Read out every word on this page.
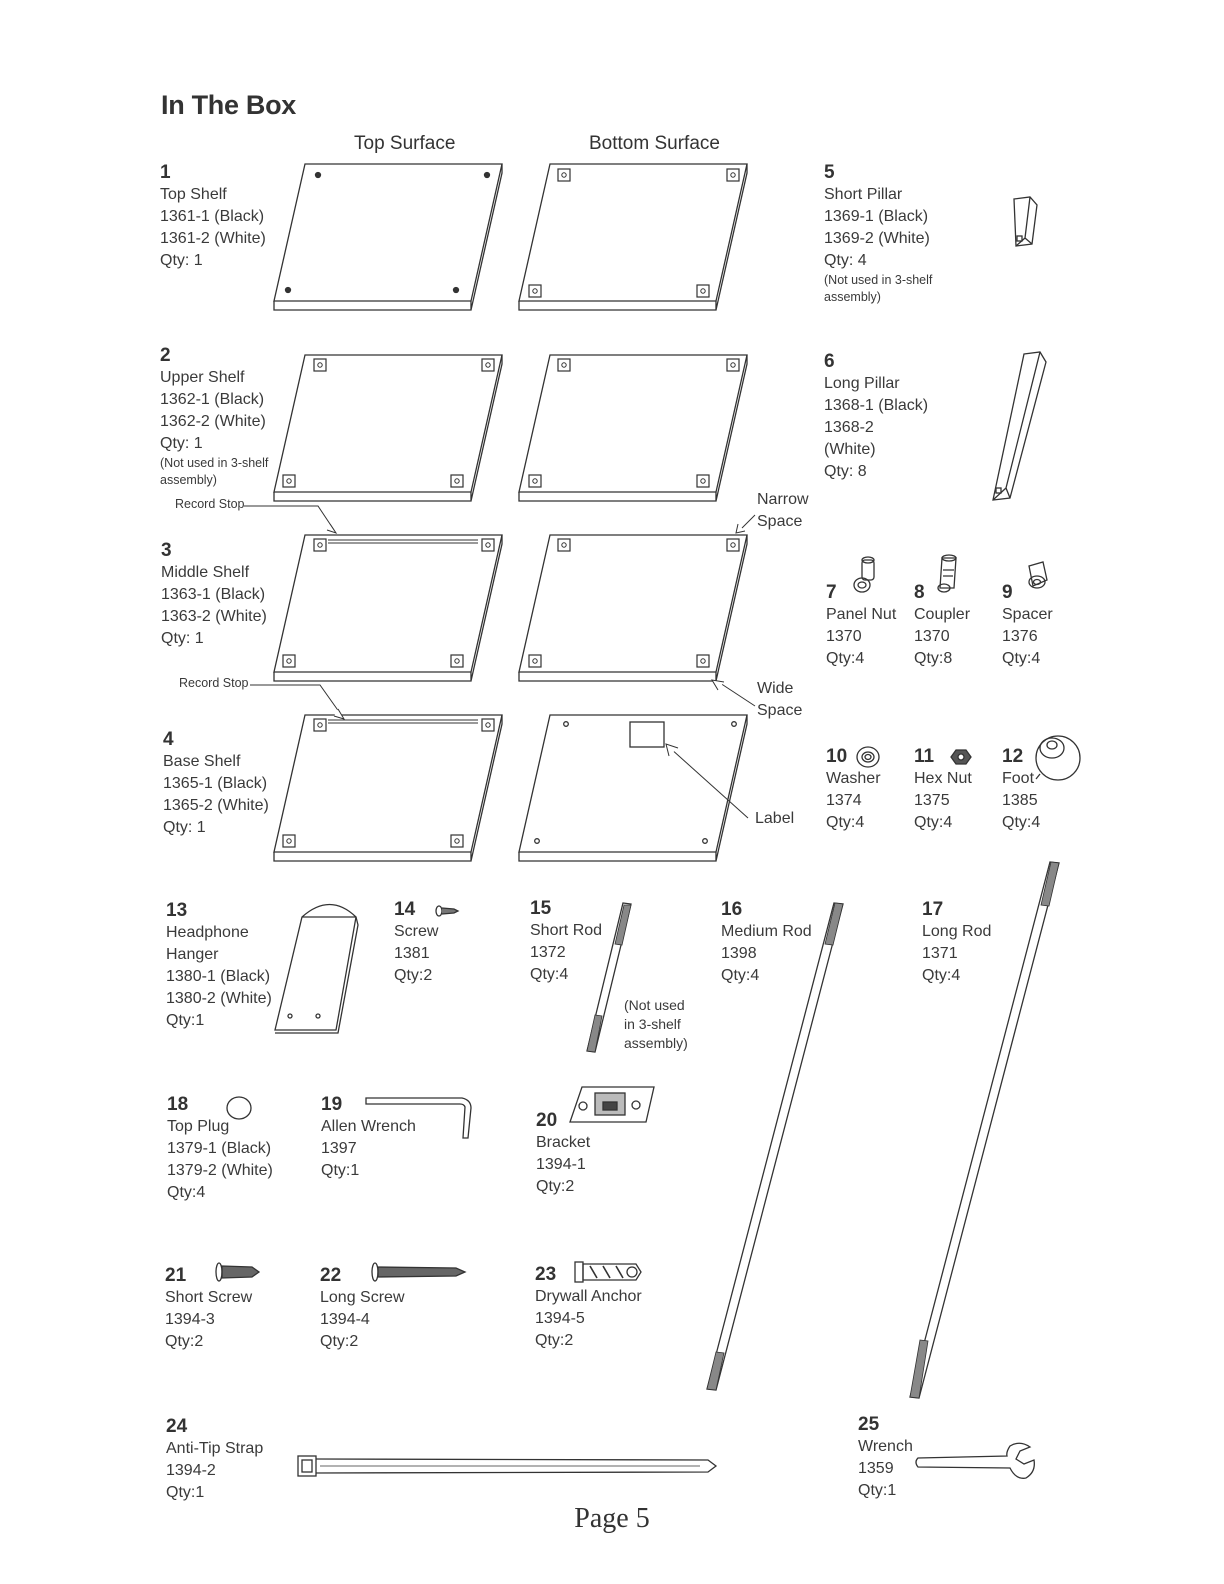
In The Box
Top Surface	Bottom Surface
1
Top Shelf
1361-1 (Black)
1361-2 (White)
Qty: 1
2
Upper Shelf
1362-1 (Black)
1362-2 (White)
Qty: 1
(Not used in 3-shelf assembly)
3
Middle Shelf
1363-1 (Black)
1363-2 (White)
Qty: 1
4
Base Shelf
1365-1 (Black)
1365-2 (White)
Qty: 1
5
Short Pillar
1369-1 (Black)
1369-2 (White)
Qty: 4
(Not used in 3-shelf assembly)
6
Long Pillar
1368-1 (Black)
1368-2
(White)
Qty: 8
7
Panel Nut
1370
Qty:4
8
Coupler
1370
Qty:8
9
Spacer
1376
Qty:4
10
Washer
1374
Qty:4
11
Hex Nut
1375
Qty:4
12
Foot
1385
Qty:4
13
Headphone
Hanger
1380-1 (Black)
1380-2 (White)
Qty:1
14
Screw
1381
Qty:2
15
Short Rod
1372
Qty:4
(Not used in 3-shelf assembly)
16
Medium Rod
1398
Qty:4
17
Long Rod
1371
Qty:4
18
Top Plug
1379-1 (Black)
1379-2 (White)
Qty:4
19
Allen Wrench
1397
Qty:1
20
Bracket
1394-1
Qty:2
21
Short Screw
1394-3
Qty:2
22
Long Screw
1394-4
Qty:2
23
Drywall Anchor
1394-5
Qty:2
24
Anti-Tip Strap
1394-2
Qty:1
25
Wrench
1359
Qty:1
Record Stop
Record Stop
Narrow
Space
Wide
Space
Label
Page 5
